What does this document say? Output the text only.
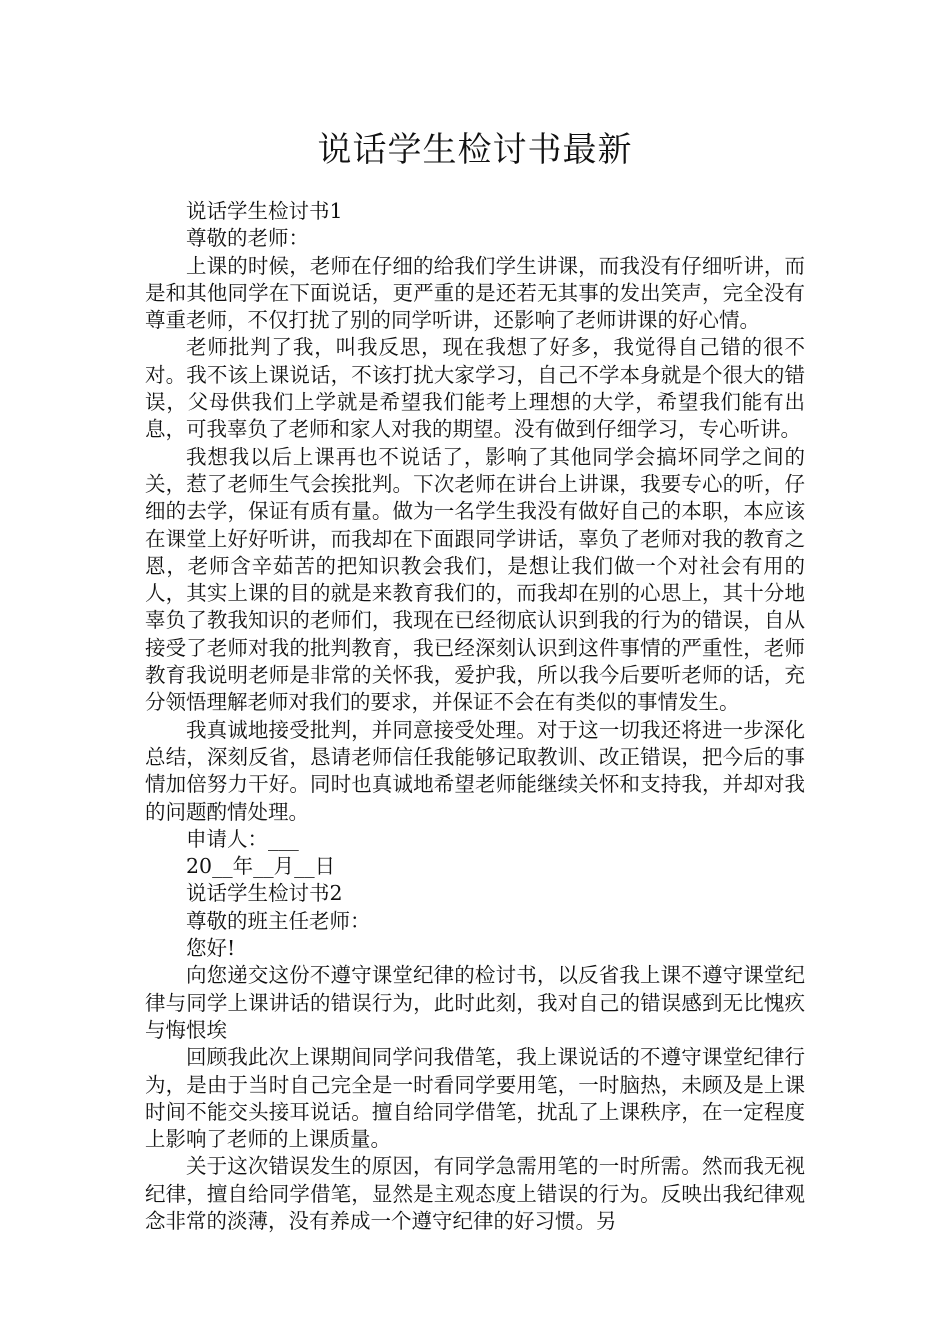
说话学生检讨书最新

说话学生检讨书1

尊敬的老师：

上课的时候，老师在仔细的给我们学生讲课，而我没有仔细听讲，而是和其他同学在下面说话，更严重的是还若无其事的发出笑声，完全没有尊重老师，不仅打扰了别的同学听讲，还影响了老师讲课的好心情。

老师批判了我，叫我反思，现在我想了好多，我觉得自己错的很不对。我不该上课说话，不该打扰大家学习，自己不学本身就是个很大的错误，父母供我们上学就是希望我们能考上理想的大学，希望我们能有出息，可我辜负了老师和家人对我的期望。没有做到仔细学习，专心听讲。

我想我以后上课再也不说话了，影响了其他同学会搞坏同学之间的关，惹了老师生气会挨批判。下次老师在讲台上讲课，我要专心的听，仔细的去学，保证有质有量。做为一名学生我没有做好自己的本职，本应该在课堂上好好听讲，而我却在下面跟同学讲话，辜负了老师对我的教育之恩，老师含辛茹苦的把知识教会我们，是想让我们做一个对社会有用的人，其实上课的目的就是来教育我们的，而我却在别的心思上，其十分地辜负了教我知识的老师们，我现在已经彻底认识到我的行为的错误，自从接受了老师对我的批判教育，我已经深刻认识到这件事情的严重性，老师教育我说明老师是非常的关怀我，爱护我，所以我今后要听老师的话，充分领悟理解老师对我们的要求，并保证不会在有类似的事情发生。

我真诚地接受批判，并同意接受处理。对于这一切我还将进一步深化总结，深刻反省，恳请老师信任我能够记取教训、改正错误，把今后的事情加倍努力干好。同时也真诚地希望老师能继续关怀和支持我，并却对我的问题酌情处理。

申请人：___

20__年__月__日

说话学生检讨书2

尊敬的班主任老师：

您好!

向您递交这份不遵守课堂纪律的检讨书，以反省我上课不遵守课堂纪律与同学上课讲话的错误行为，此时此刻，我对自己的错误感到无比愧疚与悔恨埃

回顾我此次上课期间同学问我借笔，我上课说话的不遵守课堂纪律行为，是由于当时自己完全是一时看同学要用笔，一时脑热，未顾及是上课时间不能交头接耳说话。擅自给同学借笔，扰乱了上课秩序，在一定程度上影响了老师的上课质量。

关于这次错误发生的原因，有同学急需用笔的一时所需。然而我无视纪律，擅自给同学借笔，显然是主观态度上错误的行为。反映出我纪律观念非常的淡薄，没有养成一个遵守纪律的好习惯。另
